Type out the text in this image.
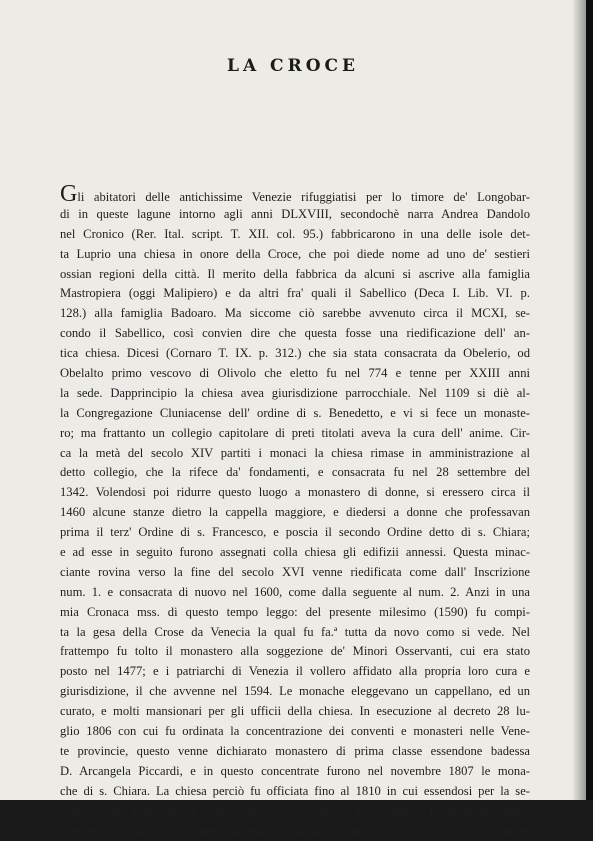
LA CROCE
Gli abitatori delle antichissime Venezie rifuggiatisi per lo timore de' Longobar-
di in queste lagune intorno agli anni DLXVIII, secondochè narra Andrea Dandolo
nel Cronico (Rer. Ital. script. T. XII. col. 95.) fabbricarono in una delle isole det-
ta Luprio una chiesa in onore della Croce, che poi diede nome ad uno de' sestieri
ossian regioni della città. Il merito della fabbrica da alcuni si ascrive alla famiglia
Mastropiera (oggi Malipiero) e da altri fra' quali il Sabellico (Deca I. Lib. VI. p.
128.) alla famiglia Badoaro. Ma siccome ciò sarebbe avvenuto circa il MCXI, se-
condo il Sabellico, così convien dire che questa fosse una riedificazione dell' an-
tica chiesa. Dicesi (Cornaro T. IX. p. 312.) che sia stata consacrata da Obelerio, od
Obelalto primo vescovo di Olivolo che eletto fu nel 774 e tenne per XXIII anni
la sede. Dapprincipio la chiesa avea giurisdizione parrocchiale. Nel 1109 si diè al-
la Congregazione Cluniacense dell' ordine di s. Benedetto, e vi si fece un monaste-
ro; ma frattanto un collegio capitolare di preti titolati aveva la cura dell' anime. Cir-
ca la metà del secolo XIV partiti i monaci la chiesa rimase in amministrazione al
detto collegio, che la rifece da' fondamenti, e consacrata fu nel 28 settembre del
1342. Volendosi poi ridurre questo luogo a monastero di donne, si eressero circa il
1460 alcune stanze dietro la cappella maggiore, e diedersi a donne che professavan
prima il terz' Ordine di s. Francesco, e poscia il secondo Ordine detto di s. Chiara;
e ad esse in seguito furono assegnati colla chiesa gli edifizii annessi. Questa minac-
ciante rovina verso la fine del secolo XVI venne riedificata come dall' Inscrizione
num. 1. e consacrata di nuovo nel 1600, come dalla seguente al num. 2. Anzi in una
mia Cronaca mss. di questo tempo leggo: del presente milesimo (1590) fu compi-
ta la gesa della Crose da Venecia la qual fu fa.ª tutta da novo como si vede. Nel
frattempo fu tolto il monastero alla soggezione de' Minori Osservanti, cui era stato
posto nel 1477; e i patriarchi di Venezia il vollero affidato alla propria loro cura e
giurisdizione, il che avvenne nel 1594. Le monache eleggevano un cappellano, ed un
curato, e molti mansionari per gli ufficii della chiesa. In esecuzione al decreto 28 lu-
glio 1806 con cui fu ordinata la concentrazione dei conventi e monasteri nelle Vene-
te provincie, questo venne dichiarato monastero di prima classe essendone badessa
D. Arcangela Piccardi, e in questo concentrate furono nel novembre 1807 le mona-
che di s. Chiara. La chiesa perciò fu officiata fino al 1810 in cui essendosi per la se-
conda volta diminuito il numero delle parrocchie e delle chiese, la presente rimase
soppressa. Il luogo fu ridotto ad uso di magazzino privato fino a pochi anni addie-
